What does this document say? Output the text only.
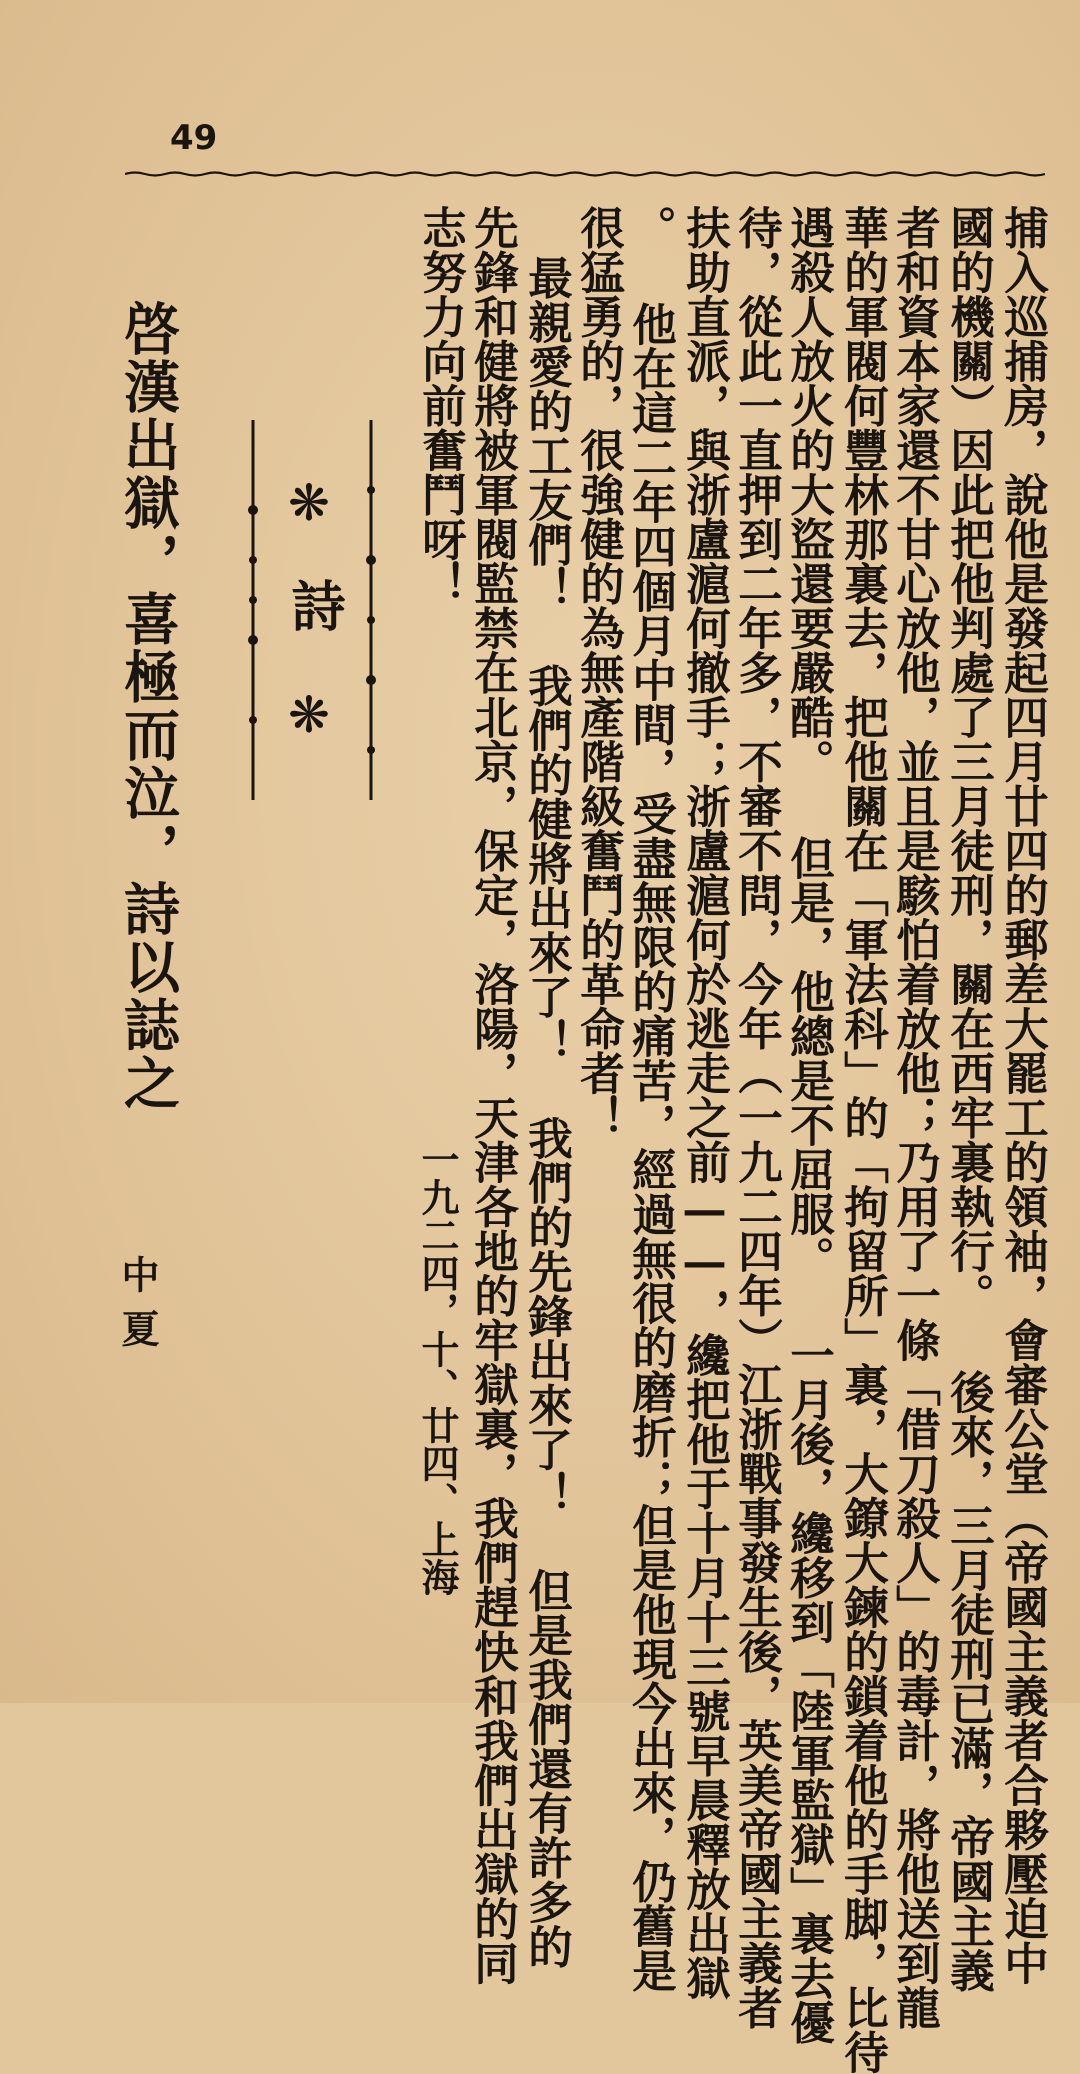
49
捕入巡捕房，說他是發起四月廿四的郵差大罷工的領袖，會審公堂（帝國主義者合夥壓迫中
國的機關）因此把他判處了三月徒刑，關在西牢裏執行。 後來，三月徒刑已滿，帝國主義
者和資本家還不甘心放他，並且是駭怕着放他；乃用了一條「借刀殺人」的毒計，將他送到龍
華的軍閥何豐林那裏去，把他關在「軍法科」的「拘留所」裏，大鐐大鍊的鎖着他的手脚，比待
遇殺人放火的大盜還要嚴酷。 但是，他總是不屈服。 一月後，纔移到「陸軍監獄」裏去優
待，從此一直押到二年多，不審不問，今年（一九二四年）江浙戰事發生後，英美帝國主義者
扶助直派，與浙盧滬何撤手；浙盧滬何於逃走之前——，纔把他于十月十三號早晨釋放出獄
。 他在這二年四個月中間，受盡無限的痛苦，經過無很的磨折；但是他現今出來，仍舊是
很猛勇的，很強健的為無產階級奮鬥的革命者！
最親愛的工友們！ 我們的健將出來了！ 我們的先鋒出來了！ 但是我們還有許多的
先鋒和健將被軍閥監禁在北京，保定，洛陽，天津各地的牢獄裏，我們趕快和我們出獄的同
志努力向前奮鬥呀！
一九二四，十、廿四、上海
❋
詩
❋
啓漢出獄，喜極而泣，詩以誌之
中夏
